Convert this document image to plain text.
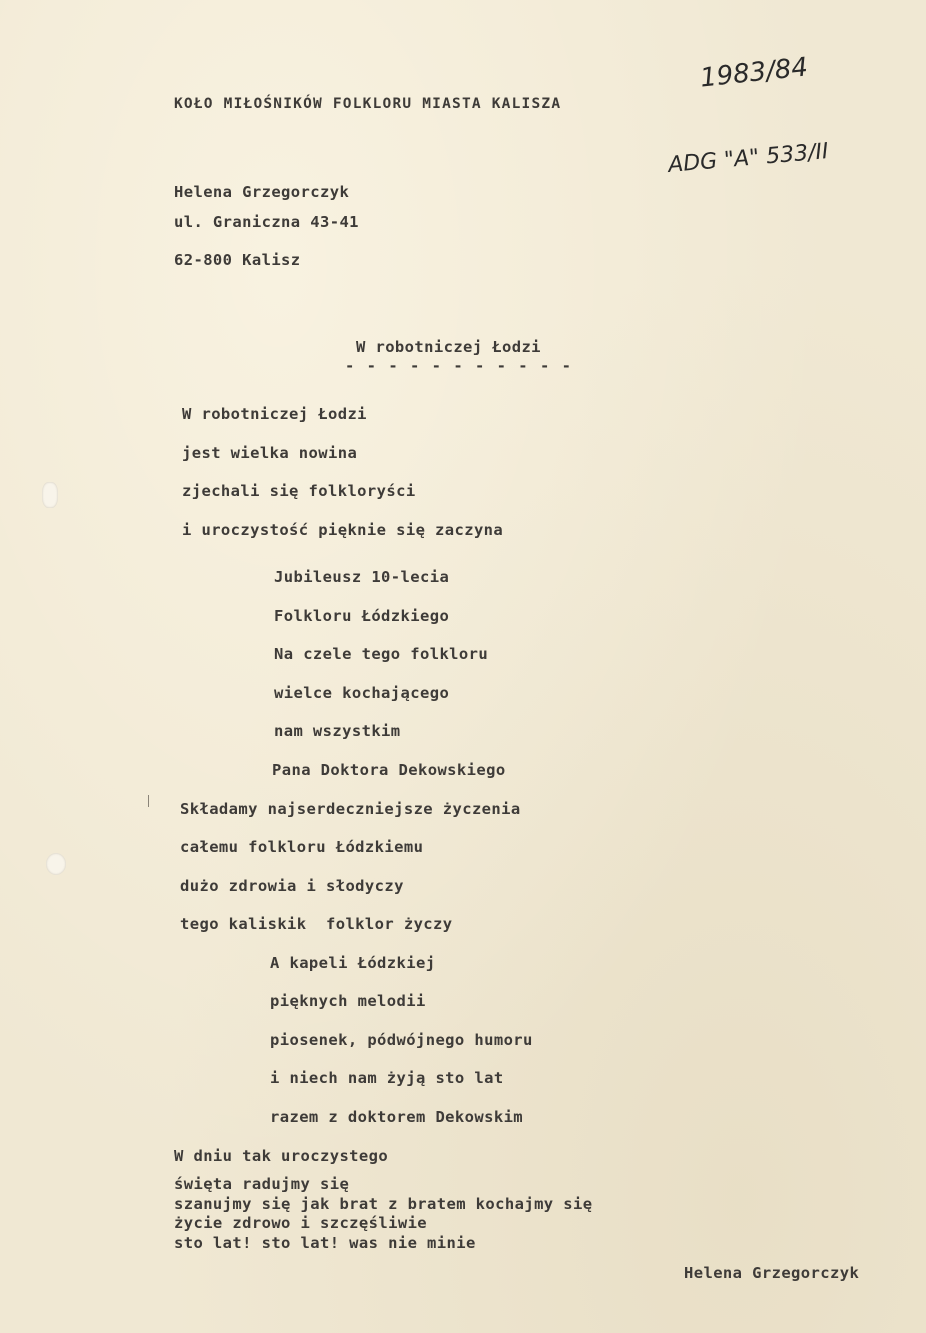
1983/84
ADG "A" 533/II
KOŁO MIŁOŚNIKÓW FOLKLORU MIASTA KALISZA
Helena Grzegorczyk
ul. Graniczna 43-41
62-800 Kalisz
W robotniczej Łodzi
- - - - - - - - - - -
W robotniczej Łodzi
jest wielka nowina
zjechali się folkloryści
i uroczystość pięknie się zaczyna
Jubileusz 10-lecia
Folkloru Łódzkiego
Na czele tego folkloru
wielce kochającego
nam wszystkim
Pana Doktora Dekowskiego
Składamy najserdeczniejsze życzenia
całemu folkloru Łódzkiemu
dużo zdrowia i słodyczy
tego kaliskik  folklor życzy
A kapeli Łódzkiej
pięknych melodii
piosenek, pódwójnego humoru
i niech nam żyją sto lat
razem z doktorem Dekowskim
W dniu tak uroczystego
święta radujmy się
szanujmy się jak brat z bratem kochajmy się
życie zdrowo i szczęśliwie
sto lat! sto lat! was nie minie
Helena Grzegorczyk
